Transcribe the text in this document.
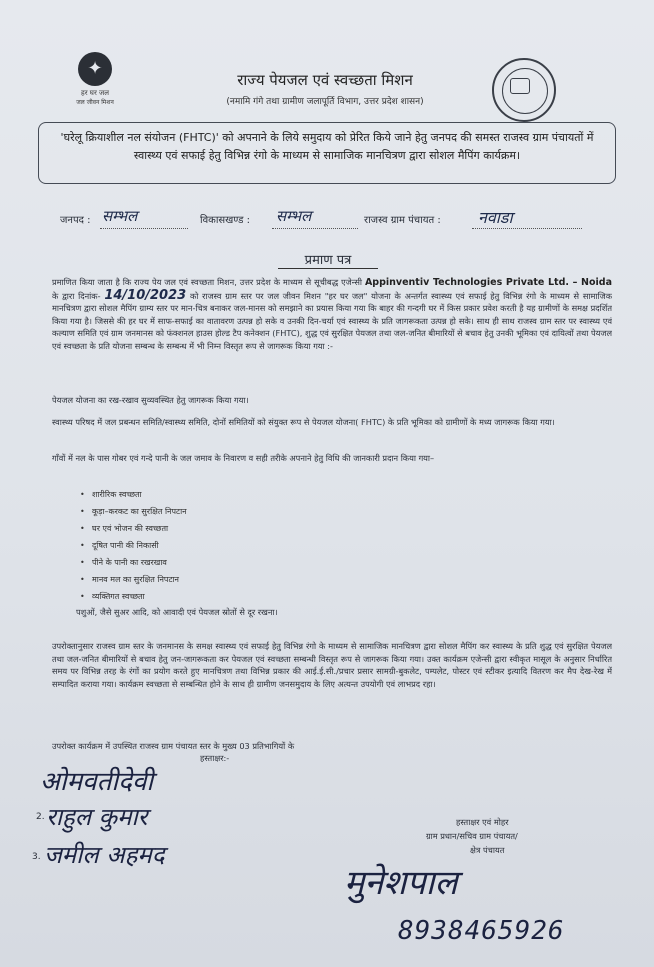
✦
हर घर जल
जल जीवन मिशन
राज्य पेयजल एवं स्वच्छता मिशन
(नमामि गंगे तथा ग्रामीण जलापूर्ति विभाग, उत्तर प्रदेश शासन)
'घरेलू क्रियाशील नल संयोजन (FHTC)' को अपनाने के लिये समुदाय को प्रेरित किये जाने हेतु जनपद की समस्त राजस्व ग्राम पंचायतों में स्वास्थ्य एवं सफाई हेतु विभिन्न रंगो के माध्यम से सामाजिक मानचित्रण द्वारा सोशल मैपिंग कार्यक्रम।
जनपद : सम्भल	विकासखण्ड : सम्भल	राजस्व ग्राम पंचायत : नवाडा
प्रमाण पत्र
प्रमाणित किया जाता है कि राज्य पेय जल एवं स्वच्छता मिशन, उत्तर प्रदेश के माध्यम से सूचीबद्ध एजेन्सी Appinventiv Technologies Private Ltd. – Noida के द्वारा दिनांक- 14/10/2023 को राजस्व ग्राम स्तर पर जल जीवन मिशन "हर घर जल" योजना के अन्तर्गत स्वास्थ्य एवं सफाई हेतु विभिन्न रंगो के माध्यम से सामाजिक मानचित्रण द्वारा सोशल मैपिंग ग्राम्य स्तर पर मान-चित्र बनाकर जल-मानस को समझाने का प्रयास किया गया कि बाहर की गन्दगी घर में किस प्रकार प्रवेश करती है यह ग्रामीणों के समक्ष प्रदर्शित किया गया है। जिससे की हर घर में साफ-सफाई का वातावरण उत्पन्न हो सके व उनकी दिन-चर्या एवं स्वास्थ्य के प्रति जागरूकता उत्पन्न हो सके। साथ ही साथ राजस्व ग्राम स्तर पर स्वास्थ्य एवं कल्याण समिति एवं ग्राम जनमानस को फंक्शनल हाउस होल्ड टैप कनेक्शन (FHTC), शुद्ध एवं सुरक्षित पेयजल तथा जल-जनित बीमारियों से बचाव हेतु उनकी भूमिका एवं दायित्वों तथा पेयजल एवं स्वच्छता के प्रति योजना सम्बन्ध के सम्बन्ध में भी निम्न विस्तृत रूप से जागरूक किया गया :-
पेयजल योजना का रख-रखाव सुव्यवस्थित हेतु जागरूक किया गया।
स्वास्थ्य परिषद में जल प्रबन्धन समिति/स्वास्थ्य समिति, दोनों समितियों को संयुक्त रूप से पेयजल योजना( FHTC) के प्रति भूमिका को ग्रामीणों के मध्य जागरूक किया गया।
गाँवों में नल के पास गोबर एवं गन्दे पानी के जल जमाव के निवारण व सही तरीके अपनाने हेतु विधि की जानकारी प्रदान किया गया–
• शारीरिक स्वच्छता
• कूड़ा–करकट का सुरक्षित निपटान
• घर एवं भोजन की स्वच्छता
• दूषित पानी की निकासी
• पीने के पानी का रखरखाव
• मानव मल का सुरक्षित निपटान
• व्यक्तिगत स्वच्छता
पशुओं, जैसे सुअर आदि, को आवादी एवं पेयजल स्रोतों से दूर रखना।
उपरोक्तानुसार राजस्व ग्राम स्तर के जनमानस के समक्ष स्वास्थ्य एवं सफाई हेतु विभिन्न रंगो के माध्यम से सामाजिक मानचित्रण द्वारा सोशल मैपिंग कर स्वास्थ्य के प्रति शुद्ध एवं सुरक्षित पेयजल तथा जल-जनित बीमारियों से बचाव हेतु जन-जागरूकता कर पेयजल एवं स्वच्छता सम्बन्धी विस्तृत रूप से जागरूक किया गया। उक्त कार्यक्रम एजेन्सी द्वारा स्वीकृत मासूल के अनुसार निर्धारित समय पर विभिन्न तरह के रंगों का प्रयोग करते हुए मानचित्रण तथा विभिन्न प्रकार की आई.ई.सी./प्रचार प्रसार सामग्री-बुकलेट, पम्पलेट, पोस्टर एवं स्टीकर इत्यादि वितरण कर मैप देख-रेख में सम्पादित कराया गया। कार्यक्रम स्वच्छता से सम्बन्धित होने के साथ ही ग्रामीण जनसमुदाय के लिए अत्यन्त उपयोगी एवं लाभप्रद रहा।
उपरोक्त कार्यक्रम में उपस्थित राजस्व ग्राम पंचायत स्तर के मुख्य 03 प्रतिभागियों के
हस्ताक्षर:-
ओमवतीदेवी
2. राहुल कुमार
3. जमील अहमद
हस्ताक्षर एवं मोहर
ग्राम प्रधान/सचिव ग्राम पंचायत/
क्षेत्र पंचायत
मुनेशपाल
8938465926
